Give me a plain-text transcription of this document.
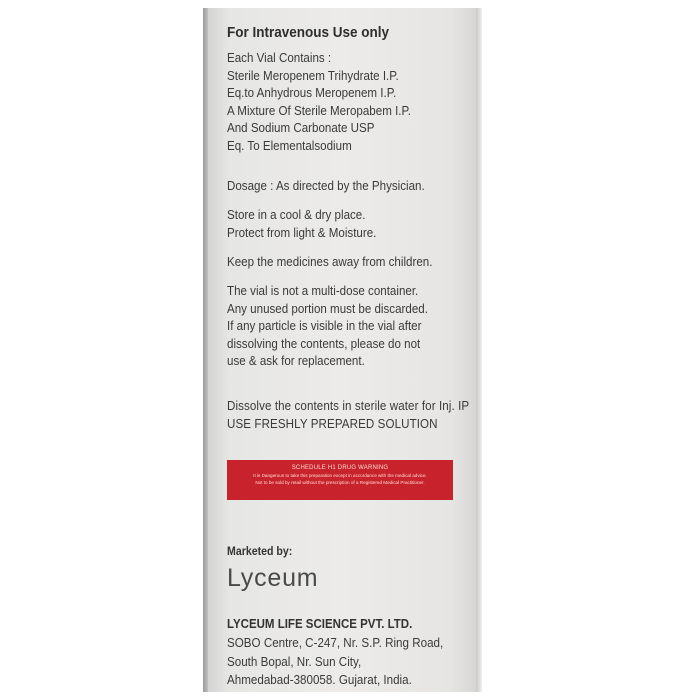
For Intravenous Use only
Each Vial Contains :
Sterile Meropenem Trihydrate I.P.
Eq.to Anhydrous Meropenem I.P.
A Mixture Of Sterile Meropabem I.P.
And Sodium Carbonate USP
Eq. To Elementalsodium
Dosage : As directed by the Physician.
Store in a cool & dry place.
Protect from light & Moisture.
Keep the medicines away from children.
The vial is not a multi-dose container.
Any unused portion must be discarded.
If any particle is visible in the vial after
dissolving the contents, please do not
use & ask for replacement.
Dissolve the contents in sterile water for Inj. IP
USE FRESHLY PREPARED SOLUTION
SCHEDULE H1 DRUG WARNING
It is Dangerous to take this preparation except in accordance with the medical advice.
Not to be sold by retail without the prescription of a Registered Medical Practitioner.
Marketed by:
Lyceum
LYCEUM LIFE SCIENCE PVT. LTD.
SOBO Centre, C-247, Nr. S.P. Ring Road,
South Bopal, Nr. Sun City,
Ahmedabad-380058. Gujarat, India.
